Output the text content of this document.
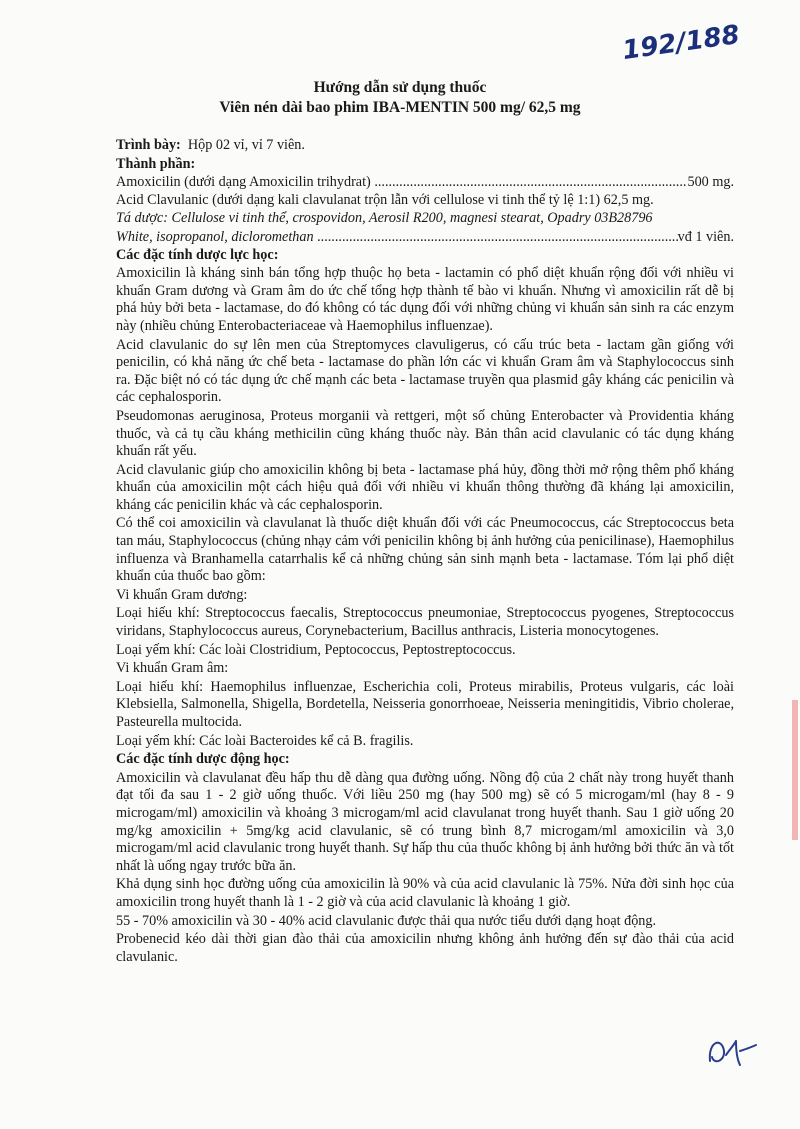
192/188
Hướng dẫn sử dụng thuốc
Viên nén dài bao phim IBA-MENTIN 500 mg/ 62,5 mg

Trình bày: Hộp 02 vỉ, vỉ 7 viên.

Thành phần:

Amoxicilin (dưới dạng Amoxicilin trihydrat)
.....	500 mg.

Acid Clavulanic (dưới dạng kali clavulanat trộn lẫn với cellulose vi tinh thể tỷ lệ 1:1) 62,5 mg.

Tá dược: Cellulose vi tinh thể, crospovidon, Aerosil R200, magnesi stearat, Opadry 03B28796

White, isopropanol, dicloromethan
.....	vđ 1 viên.

Các đặc tính dược lực học:

Amoxicilin là kháng sinh bán tổng hợp thuộc họ beta - lactamin có phổ diệt khuẩn rộng đối với nhiều vi khuẩn Gram dương và Gram âm do ức chế tổng hợp thành tế bào vi khuẩn. Nhưng vì amoxicilin rất dễ bị phá hủy bởi beta - lactamase, do đó không có tác dụng đối với những chủng vi khuẩn sản sinh ra các enzym này (nhiều chủng Enterobacteriaceae và Haemophilus influenzae).

Acid clavulanic do sự lên men của Streptomyces clavuligerus, có cấu trúc beta - lactam gần giống với penicilin, có khả năng ức chế beta - lactamase do phần lớn các vi khuẩn Gram âm và Staphylococcus sinh ra. Đặc biệt nó có tác dụng ức chế mạnh các beta - lactamase truyền qua plasmid gây kháng các penicilin và các cephalosporin.

Pseudomonas aeruginosa, Proteus morganii và rettgeri, một số chủng Enterobacter và Providentia kháng thuốc, và cả tụ cầu kháng methicilin cũng kháng thuốc này. Bản thân acid clavulanic có tác dụng kháng khuẩn rất yếu.

Acid clavulanic giúp cho amoxicilin không bị beta - lactamase phá hủy, đồng thời mở rộng thêm phổ kháng khuẩn của amoxicilin một cách hiệu quả đối với nhiều vi khuẩn thông thường đã kháng lại amoxicilin, kháng các penicilin khác và các cephalosporin.

Có thể coi amoxicilin và clavulanat là thuốc diệt khuẩn đối với các Pneumococcus, các Streptococcus beta tan máu, Staphylococcus (chủng nhạy cảm với penicilin không bị ảnh hưởng của penicilinase), Haemophilus influenza và Branhamella catarrhalis kể cả những chủng sản sinh mạnh beta - lactamase. Tóm lại phổ diệt khuẩn của thuốc bao gồm:

Vi khuẩn Gram dương:

Loại hiếu khí: Streptococcus faecalis, Streptococcus pneumoniae, Streptococcus pyogenes, Streptococcus viridans, Staphylococcus aureus, Corynebacterium, Bacillus anthracis, Listeria monocytogenes.

Loại yếm khí: Các loài Clostridium, Peptococcus, Peptostreptococcus.

Vi khuẩn Gram âm:

Loại hiếu khí: Haemophilus influenzae, Escherichia coli, Proteus mirabilis, Proteus vulgaris, các loài Klebsiella, Salmonella, Shigella, Bordetella, Neisseria gonorrhoeae, Neisseria meningitidis, Vibrio cholerae, Pasteurella multocida.

Loại yếm khí: Các loài Bacteroides kể cả B. fragilis.

Các đặc tính dược động học:

Amoxicilin và clavulanat đều hấp thu dễ dàng qua đường uống. Nồng độ của 2 chất này trong huyết thanh đạt tối đa sau 1 - 2 giờ uống thuốc. Với liều 250 mg (hay 500 mg) sẽ có 5 microgam/ml (hay 8 - 9 microgam/ml) amoxicilin và khoảng 3 microgam/ml acid clavulanat trong huyết thanh. Sau 1 giờ uống 20 mg/kg amoxicilin + 5mg/kg acid clavulanic, sẽ có trung bình 8,7 microgam/ml amoxicilin và 3,0 microgam/ml acid clavulanic trong huyết thanh. Sự hấp thu của thuốc không bị ảnh hưởng bởi thức ăn và tốt nhất là uống ngay trước bữa ăn.

Khả dụng sinh học đường uống của amoxicilin là 90% và của acid clavulanic là 75%. Nửa đời sinh học của amoxicilin trong huyết thanh là 1 - 2 giờ và của acid clavulanic là khoảng 1 giờ.

55 - 70% amoxicilin và 30 - 40% acid clavulanic được thải qua nước tiểu dưới dạng hoạt động.

Probenecid kéo dài thời gian đào thải của amoxicilin nhưng không ảnh hưởng đến sự đào thải của acid clavulanic.
